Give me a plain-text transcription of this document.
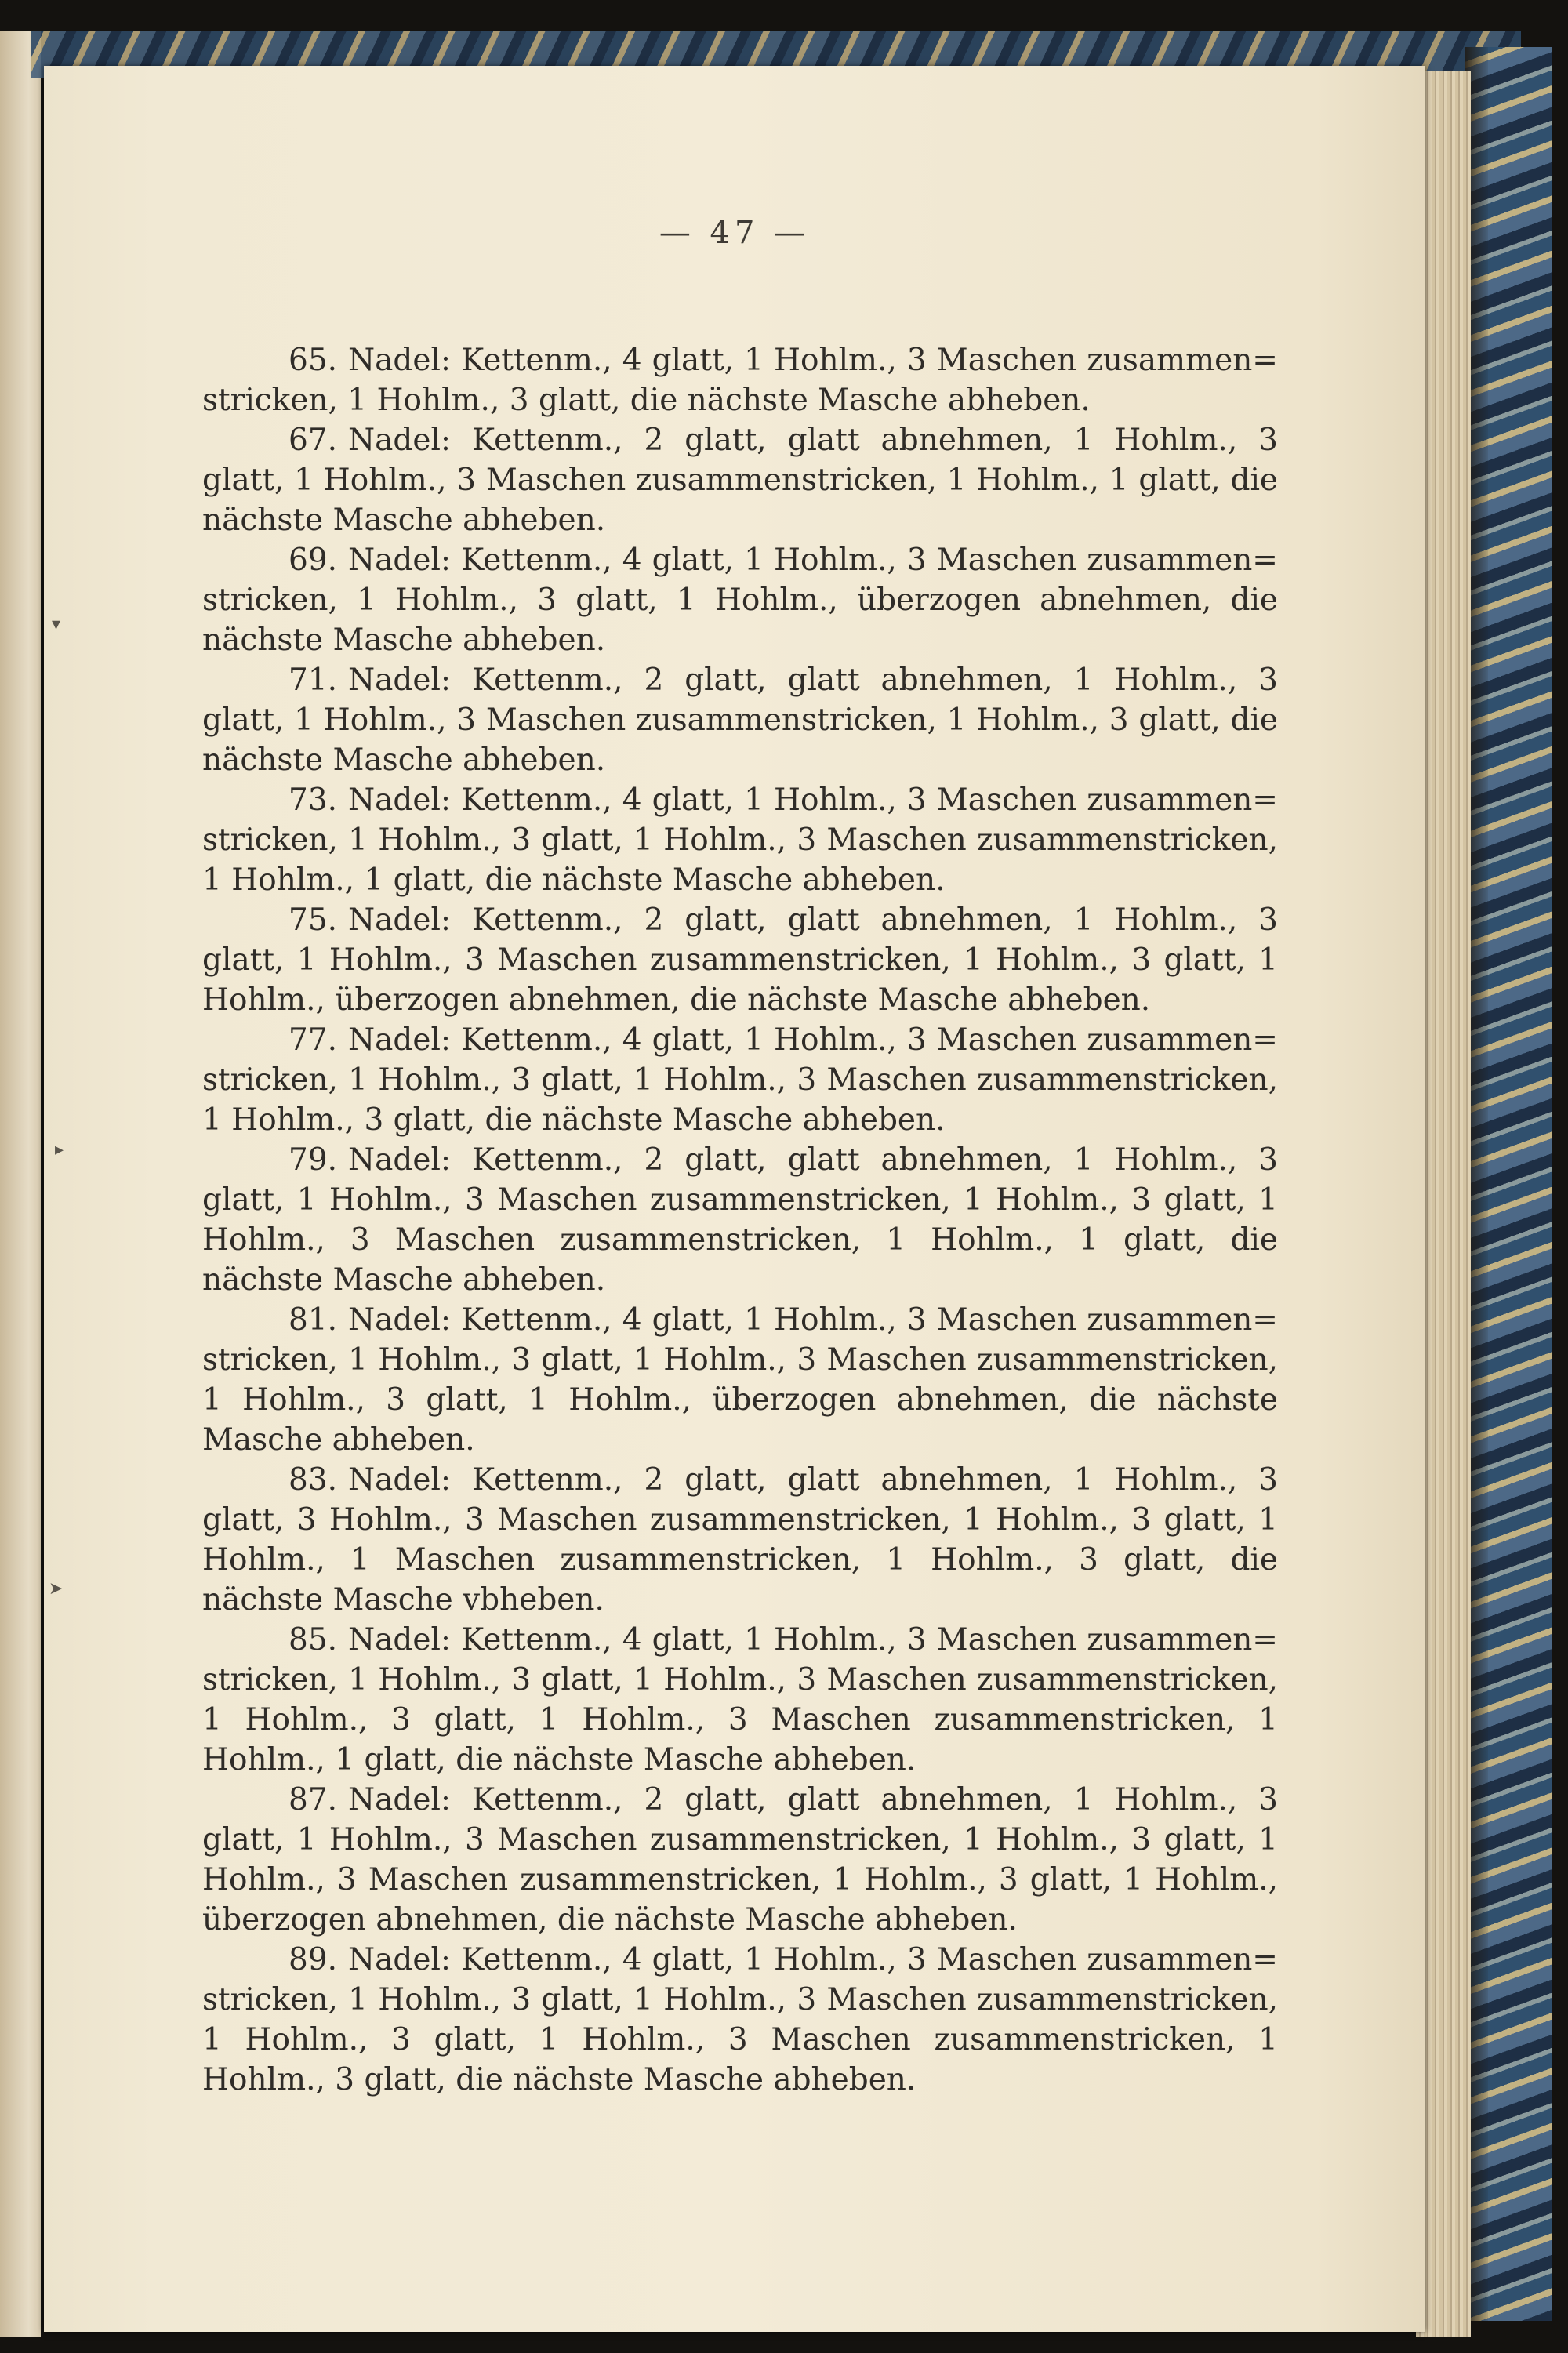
— 47 —

65. Nadel: Kettenm., 4 glatt, 1 Hohlm., 3 Maschen zusammen= stricken, 1 Hohlm., 3 glatt, die nächste Masche abheben.

67. Nadel: Kettenm., 2 glatt, glatt abnehmen, 1 Hohlm., 3 glatt, 1 Hohlm., 3 Maschen zusammenstricken, 1 Hohlm., 1 glatt, die nächste Masche abheben.

69. Nadel: Kettenm., 4 glatt, 1 Hohlm., 3 Maschen zusammen= stricken, 1 Hohlm., 3 glatt, 1 Hohlm., überzogen abnehmen, die nächste Masche abheben.

71. Nadel: Kettenm., 2 glatt, glatt abnehmen, 1 Hohlm., 3 glatt, 1 Hohlm., 3 Maschen zusammenstricken, 1 Hohlm., 3 glatt, die nächste Masche abheben.

73. Nadel: Kettenm., 4 glatt, 1 Hohlm., 3 Maschen zusammen= stricken, 1 Hohlm., 3 glatt, 1 Hohlm., 3 Maschen zusammenstricken, 1 Hohlm., 1 glatt, die nächste Masche abheben.

75. Nadel: Kettenm., 2 glatt, glatt abnehmen, 1 Hohlm., 3 glatt, 1 Hohlm., 3 Maschen zusammenstricken, 1 Hohlm., 3 glatt, 1 Hohlm., überzogen abnehmen, die nächste Masche abheben.

77. Nadel: Kettenm., 4 glatt, 1 Hohlm., 3 Maschen zusammen= stricken, 1 Hohlm., 3 glatt, 1 Hohlm., 3 Maschen zusammenstricken, 1 Hohlm., 3 glatt, die nächste Masche abheben.

79. Nadel: Kettenm., 2 glatt, glatt abnehmen, 1 Hohlm., 3 glatt, 1 Hohlm., 3 Maschen zusammenstricken, 1 Hohlm., 3 glatt, 1 Hohlm., 3 Maschen zusammenstricken, 1 Hohlm., 1 glatt, die nächste Masche abheben.

81. Nadel: Kettenm., 4 glatt, 1 Hohlm., 3 Maschen zusammen= stricken, 1 Hohlm., 3 glatt, 1 Hohlm., 3 Maschen zusammenstricken, 1 Hohlm., 3 glatt, 1 Hohlm., überzogen abnehmen, die nächste Masche abheben.

83. Nadel: Kettenm., 2 glatt, glatt abnehmen, 1 Hohlm., 3 glatt, 3 Hohlm., 3 Maschen zusammenstricken, 1 Hohlm., 3 glatt, 1 Hohlm., 1 Maschen zusammenstricken, 1 Hohlm., 3 glatt, die nächste Masche vbheben.

85. Nadel: Kettenm., 4 glatt, 1 Hohlm., 3 Maschen zusammen= stricken, 1 Hohlm., 3 glatt, 1 Hohlm., 3 Maschen zusammenstricken, 1 Hohlm., 3 glatt, 1 Hohlm., 3 Maschen zusammenstricken, 1 Hohlm., 1 glatt, die nächste Masche abheben.

87. Nadel: Kettenm., 2 glatt, glatt abnehmen, 1 Hohlm., 3 glatt, 1 Hohlm., 3 Maschen zusammenstricken, 1 Hohlm., 3 glatt, 1 Hohlm., 3 Maschen zusammenstricken, 1 Hohlm., 3 glatt, 1 Hohlm., überzogen abnehmen, die nächste Masche abheben.

89. Nadel: Kettenm., 4 glatt, 1 Hohlm., 3 Maschen zusammen= stricken, 1 Hohlm., 3 glatt, 1 Hohlm., 3 Maschen zusammenstricken, 1 Hohlm., 3 glatt, 1 Hohlm., 3 Maschen zusammenstricken, 1 Hohlm., 3 glatt, die nächste Masche abheben.

▾
▸
➤
